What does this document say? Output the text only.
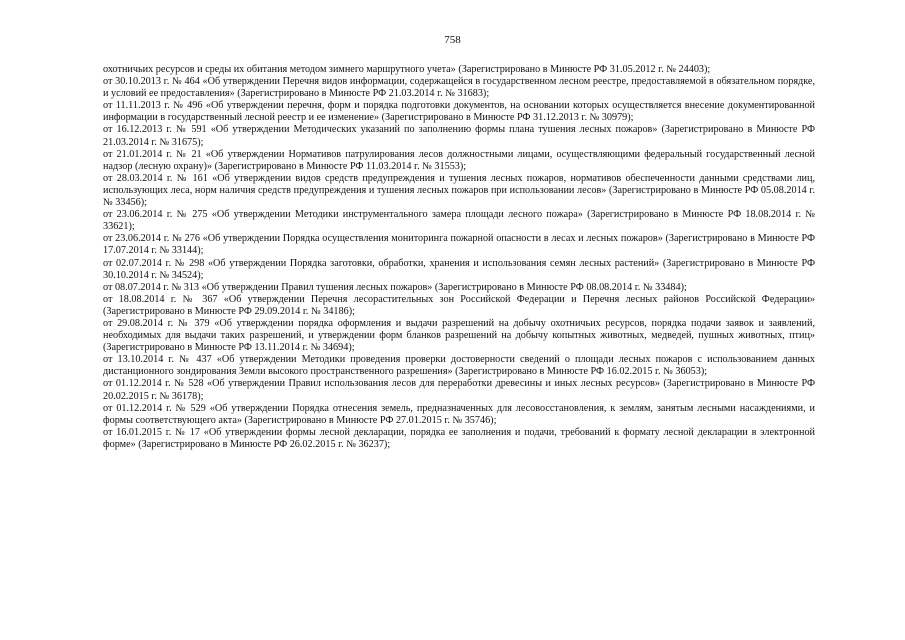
758

охотничьих ресурсов и среды их обитания методом зимнего маршрутного учета» (Зарегистрировано в Минюсте РФ 31.05.2012 г. № 24403);

от 30.10.2013 г. № 464 «Об утверждении Перечня видов информации, содержащейся в государственном лесном реестре, предоставляемой в обязательном порядке, и условий ее предоставления» (Зарегистрировано в Минюсте РФ 21.03.2014 г. № 31683);

от 11.11.2013 г. № 496 «Об утверждении перечня, форм и порядка подготовки документов, на основании которых осуществляется внесение документированной информации в государственный лесной реестр и ее изменение» (Зарегистрировано в Минюсте РФ 31.12.2013 г. № 30979);

от 16.12.2013 г. № 591 «Об утверждении Методических указаний по заполнению формы плана тушения лесных пожаров» (Зарегистрировано в Минюсте РФ 21.03.2014 г. № 31675);

от 21.01.2014 г. № 21 «Об утверждении Нормативов патрулирования лесов должностными лицами, осуществляющими федеральный государственный лесной надзор (лесную охрану)» (Зарегистрировано в Минюсте РФ 11.03.2014 г. № 31553);

от 28.03.2014 г. № 161 «Об утверждении видов средств предупреждения и тушения лесных пожаров, нормативов обеспеченности данными средствами лиц, использующих леса, норм наличия средств предупреждения и тушения лесных пожаров при использовании лесов» (Зарегистрировано в Минюсте РФ 05.08.2014 г. № 33456);

от 23.06.2014 г. № 275 «Об утверждении Методики инструментального замера площади лесного пожара» (Зарегистрировано в Минюсте РФ 18.08.2014 г. № 33621);

от 23.06.2014 г. № 276 «Об утверждении Порядка осуществления мониторинга пожарной опасности в лесах и лесных пожаров» (Зарегистрировано в Минюсте РФ 17.07.2014 г. № 33144);

от 02.07.2014 г. № 298 «Об утверждении Порядка заготовки, обработки, хранения и использования семян лесных растений» (Зарегистрировано в Минюсте РФ 30.10.2014 г. № 34524);

от 08.07.2014 г. № 313 «Об утверждении Правил тушения лесных пожаров» (Зарегистрировано в Минюсте РФ 08.08.2014 г. № 33484);

от 18.08.2014 г. № 367 «Об утверждении Перечня лесорастительных зон Российской Федерации и Перечня лесных районов Российской Федерации» (Зарегистрировано в Минюсте РФ 29.09.2014 г. № 34186);

от 29.08.2014 г. № 379 «Об утверждении порядка оформления и выдачи разрешений на добычу охотничьих ресурсов, порядка подачи заявок и заявлений, необходимых для выдачи таких разрешений, и утверждении форм бланков разрешений на добычу копытных животных, медведей, пушных животных, птиц» (Зарегистрировано в Минюсте РФ 13.11.2014 г. № 34694);

от 13.10.2014 г. № 437 «Об утверждении Методики проведения проверки достоверности сведений о площади лесных пожаров с использованием данных дистанционного зондирования Земли высокого пространственного разрешения» (Зарегистрировано в Минюсте РФ 16.02.2015 г. № 36053);

от 01.12.2014 г. № 528 «Об утверждении Правил использования лесов для переработки древесины и иных лесных ресурсов» (Зарегистрировано в Минюсте РФ 20.02.2015 г. № 36178);

от 01.12.2014 г. № 529 «Об утверждении Порядка отнесения земель, предназначенных для лесовосстановления, к землям, занятым лесными насаждениями, и формы соответствующего акта» (Зарегистрировано в Минюсте РФ 27.01.2015 г. № 35746);

от 16.01.2015 г. № 17 «Об утверждении формы лесной декларации, порядка ее заполнения и подачи, требований к формату лесной декларации в электронной форме» (Зарегистрировано в Минюсте РФ 26.02.2015 г. № 36237);
